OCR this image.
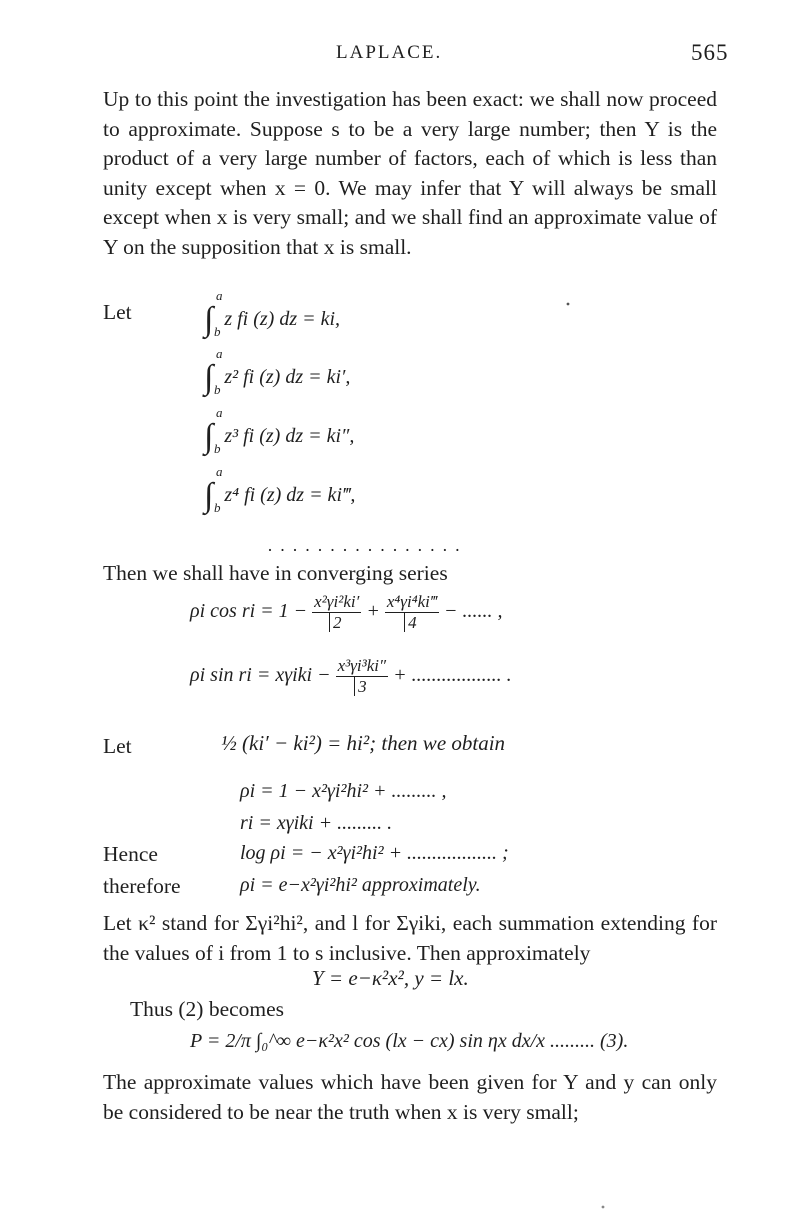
LAPLACE.	565
Up to this point the investigation has been exact: we shall now proceed to approximate. Suppose s to be a very large number; then Y is the product of a very large number of factors, each of which is less than unity except when x = 0. We may infer that Y will always be small except when x is very small; and we shall find an approximate value of Y on the supposition that x is small.
Let ∫
a
b
z fi (z) dz = ki,
∫
a
b
z² fi (z) dz = ki′,
∫
a
b
z³ fi (z) dz = ki″,
∫
a
b
z⁴ fi (z) dz = ki‴,
· · · · · · · · · · · · · · · ·
Then we shall have in converging series
ρi cos ri = $1 - \frac{\text{x²γi²ki′}}{2} + \frac{\text{x⁴γi⁴ki‴}}{4}$ − ...... ,
ρi sin ri = $x\gamma iki - \frac{\text{x³γi³ki″}}{3}$ + .................. .
Let	½ (ki′ − ki²) = hi²; then we obtain
ρi = 1 − x²γi²hi² + ......... ,
ri = xγiki + ......... .
Hence	log ρi = − x²γi²hi² + .................. ;
therefore	ρi = e−x²γi²hi² approximately.
Let κ² stand for Σγi²hi², and l for Σγiki, each summation extending for the values of i from 1 to s inclusive. Then approximately
Y = e−κ²x², y = lx.
Thus (2) becomes
P = 2/π ∫₀^∞ e−κ²x² cos (lx − cx) sin ηx dx/x ......... (3).
The approximate values which have been given for Y and y can only be considered to be near the truth when x is very small;
